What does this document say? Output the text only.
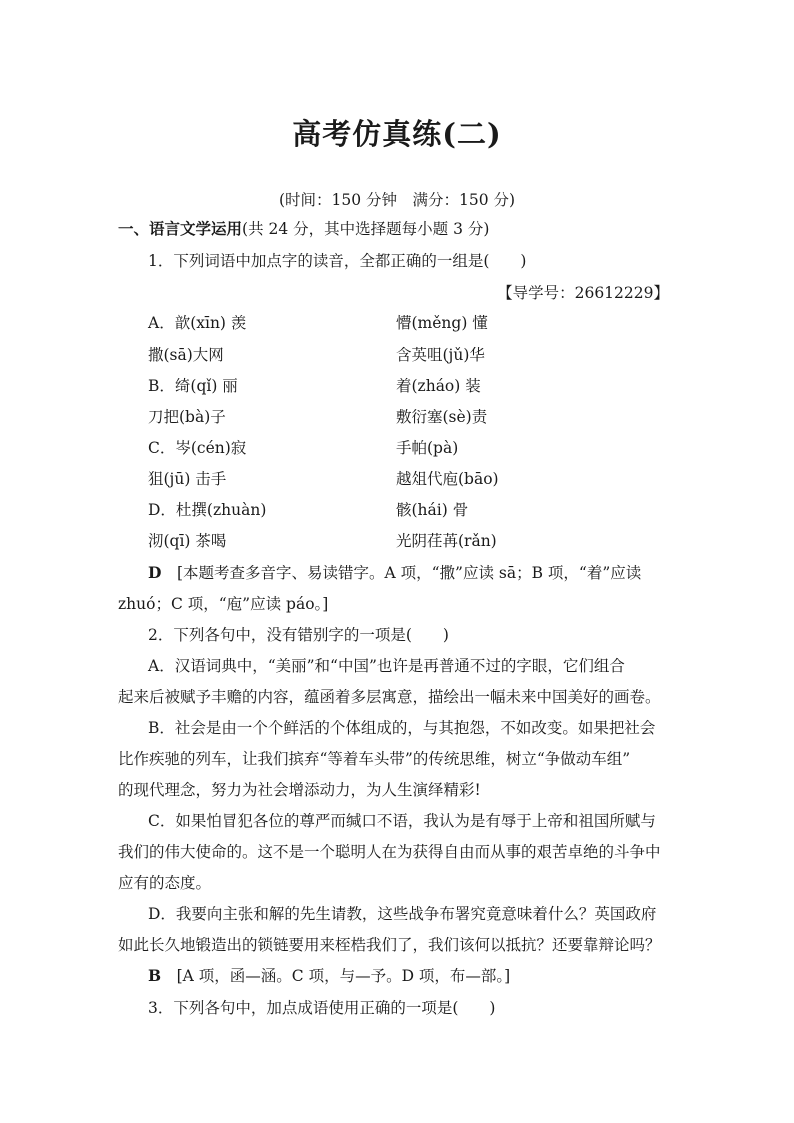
高考仿真练(二)
(时间：150 分钟　满分：150 分)
一、语言文学运用(共 24 分，其中选择题每小题 3 分)
1．下列词语中加点字的读音，全都正确的一组是(　　)
【导学号：26612229】
A．歆(xīn) 羡	懵(měng) 懂
撒(sā)大网	含英咀(jǔ)华
B．绮(qǐ) 丽	着(zháo) 装
刀把(bà)子	敷衍塞(sè)责
C．岑(cén)寂	手帕(pà)
狙(jū) 击手	越俎代庖(bāo)
D．杜撰(zhuàn)	骸(hái) 骨
沏(qī) 茶喝	光阴荏苒(rǎn)
D　 [本题考查多音字、易读错字。A 项，“撒”应读 sā；B 项，“着”应读
zhuó；C 项，“庖”应读 páo。]
2．下列各句中，没有错别字的一项是(　　)
A．汉语词典中，“美丽”和“中国”也许是再普通不过的字眼，它们组合
起来后被赋予丰赡的内容，蕴函着多层寓意，描绘出一幅未来中国美好的画卷。
B．社会是由一个个鲜活的个体组成的，与其抱怨，不如改变。如果把社会
比作疾驰的列车，让我们摈弃“等着车头带”的传统思维，树立“争做动车组”
的现代理念，努力为社会增添动力，为人生演绎精彩!
C．如果怕冒犯各位的尊严而缄口不语，我认为是有辱于上帝和祖国所赋与
我们的伟大使命的。这不是一个聪明人在为获得自由而从事的艰苦卓绝的斗争中
应有的态度。
D．我要向主张和解的先生请教，这些战争布署究竟意味着什么？英国政府
如此长久地锻造出的锁链要用来桎梏我们了，我们该何以抵抗？还要靠辩论吗？
B　 [A 项，函—涵。C 项，与—予。D 项，布—部。]
3．下列各句中，加点成语使用正确的一项是(　　)
